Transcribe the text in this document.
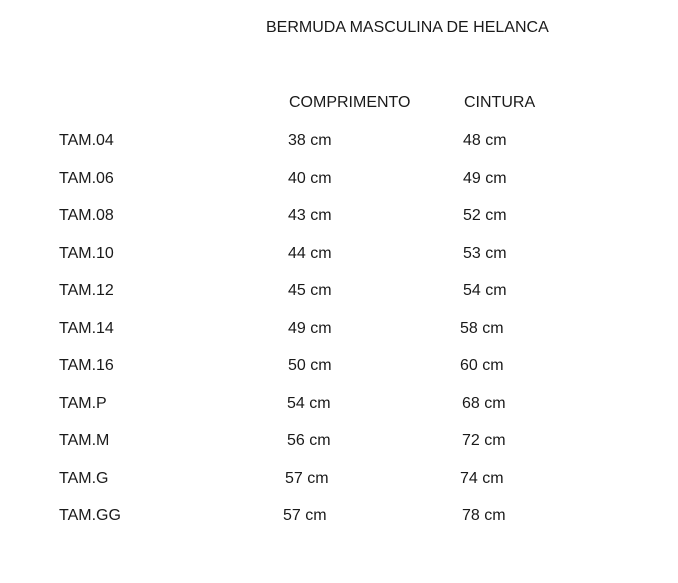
BERMUDA MASCULINA DE HELANCA
COMPRIMENTO	CINTURA
TAM.04	38 cm	48 cm
TAM.06	40 cm	49 cm
TAM.08	43 cm	52 cm
TAM.10	44 cm	53 cm
TAM.12	45 cm	54 cm
TAM.14	49 cm	58 cm
TAM.16	50 cm	60 cm
TAM.P	54 cm	68 cm
TAM.M	56 cm	72 cm
TAM.G	57 cm	74 cm
TAM.GG	57 cm	78 cm
